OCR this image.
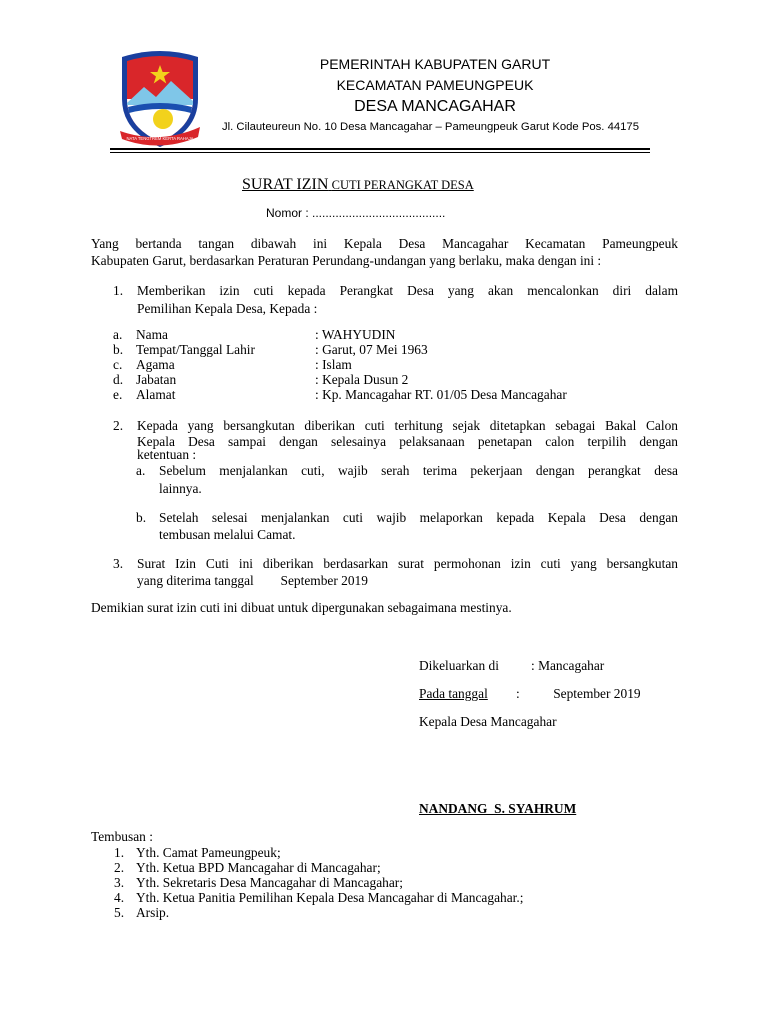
NATA TENGTREM KERTA RAHAJA
PEMERINTAH KABUPATEN GARUT
KECAMATAN PAMEUNGPEUK
DESA MANCAGAHAR
Jl. Cilauteureun No. 10 Desa Mancagahar – Pameungpeuk Garut Kode Pos. 44175
SURAT IZIN CUTI PERANGKAT DESA
Nomor : ........................................
Yang bertanda tangan dibawah ini Kepala Desa Mancagahar Kecamatan Pameungpeuk
Kabupaten Garut, berdasarkan Peraturan Perundang-undangan yang berlaku, maka dengan ini :
1. Memberikan izin cuti kepada Perangkat Desa yang akan mencalonkan diri dalam
Pemilihan Kepala Desa, Kepada :
a. Nama	: WAHYUDIN
b. Tempat/Tanggal Lahir	: Garut, 07 Mei 1963
c. Agama	: Islam
d. Jabatan	: Kepala Dusun 2
e. Alamat	: Kp. Mancagahar RT. 01/05 Desa Mancagahar
2. Kepada yang bersangkutan diberikan cuti terhitung sejak ditetapkan sebagai Bakal Calon
Kepala Desa sampai dengan selesainya pelaksanaan penetapan calon terpilih dengan
ketentuan :
a. Sebelum menjalankan cuti, wajib serah terima pekerjaan dengan perangkat desa
lainnya.
b. Setelah selesai menjalankan cuti wajib melaporkan kepada Kepala Desa dengan
tembusan melalui Camat.
3. Surat Izin Cuti ini diberikan berdasarkan surat permohonan izin cuti yang bersangkutan
yang diterima tanggal        September 2019
Demikian surat izin cuti ini dibuat untuk dipergunakan sebagaimana mestinya.
Dikeluarkan di : Mancagahar
Pada tanggal :          September 2019
Kepala Desa Mancagahar
NANDANG  S. SYAHRUM
Tembusan :
1. Yth. Camat Pameungpeuk;
2. Yth. Ketua BPD Mancagahar di Mancagahar;
3. Yth. Sekretaris Desa Mancagahar di Mancagahar;
4. Yth. Ketua Panitia Pemilihan Kepala Desa Mancagahar di Mancagahar.;
5. Arsip.
